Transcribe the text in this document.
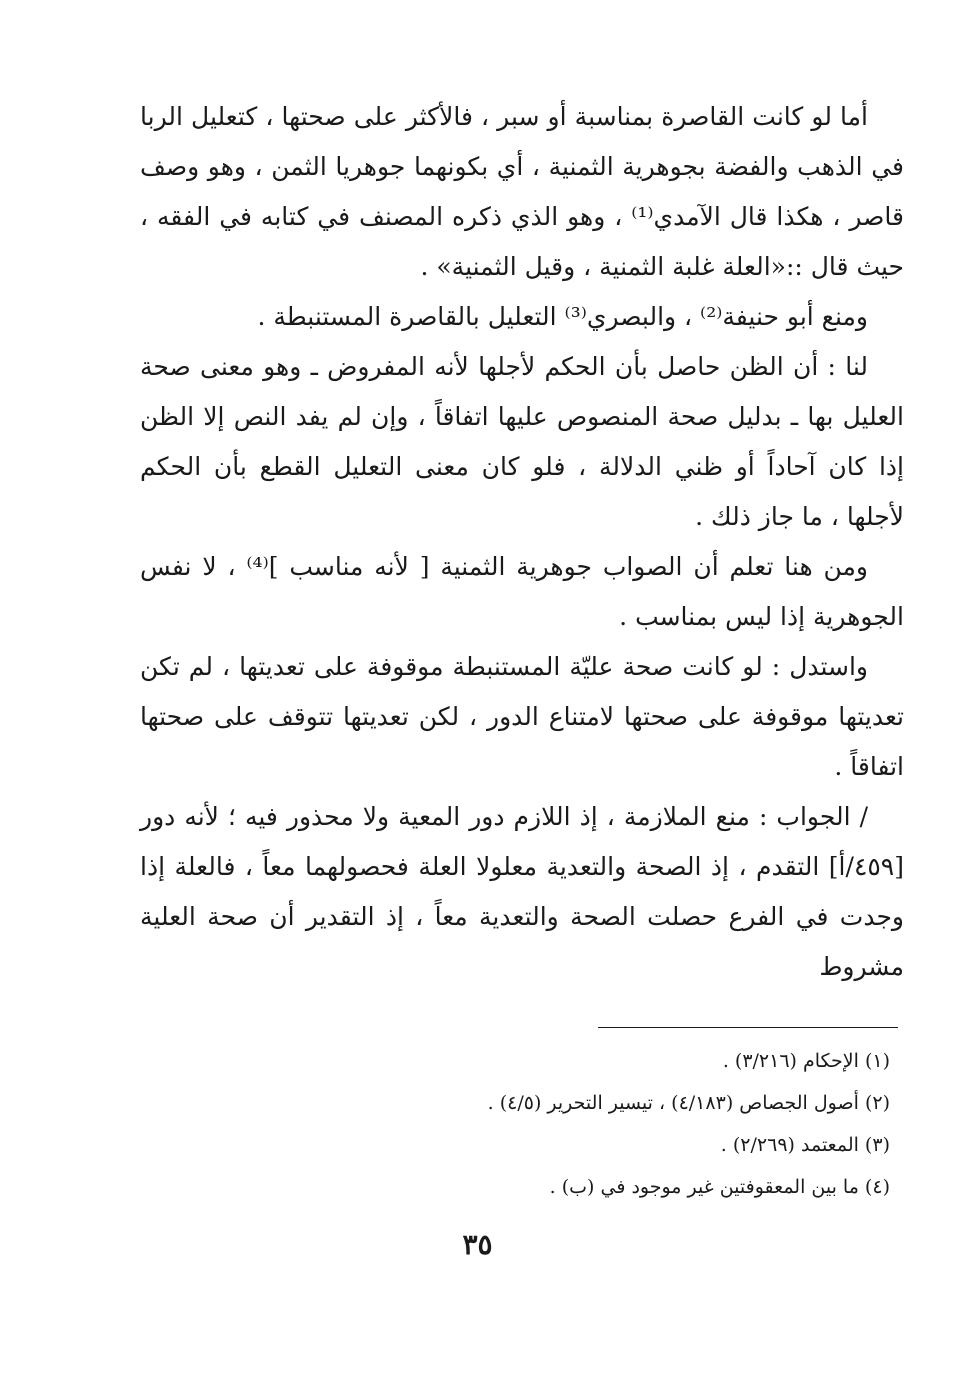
أما لو كانت القاصرة بمناسبة أو سبر ، فالأكثر على صحتها ، كتعليل الربا في الذهب والفضة بجوهرية الثمنية ، أي بكونهما جوهريا الثمن ، وهو وصف قاصر ، هكذا قال الآمدي⁽¹⁾ ، وهو الذي ذكره المصنف في كتابه في الفقه ، حيث قال ::«العلة غلبة الثمنية ، وقيل الثمنية» .

ومنع أبو حنيفة⁽²⁾ ، والبصري⁽³⁾ التعليل بالقاصرة المستنبطة .

لنا : أن الظن حاصل بأن الحكم لأجلها لأنه المفروض ـ وهو معنى صحة العليل بها ـ بدليل صحة المنصوص عليها اتفاقاً ، وإن لم يفد النص إلا الظن إذا كان آحاداً أو ظني الدلالة ، فلو كان معنى التعليل القطع بأن الحكم لأجلها ، ما جاز ذلك .

ومن هنا تعلم أن الصواب جوهرية الثمنية [ لأنه مناسب ]⁽⁴⁾ ، لا نفس الجوهرية إذا ليس بمناسب .

واستدل : لو كانت صحة عليّة المستنبطة موقوفة على تعديتها ، لم تكن تعديتها موقوفة على صحتها لامتناع الدور ، لكن تعديتها تتوقف على صحتها اتفاقاً .

/ الجواب : منع الملازمة ، إذ اللازم دور المعية ولا محذور فيه ؛ لأنه دور [٤٥٩/أ] التقدم ، إذ الصحة والتعدية معلولا العلة فحصولهما معاً ، فالعلة إذا وجدت في الفرع حصلت الصحة والتعدية معاً ، إذ التقدير أن صحة العلية مشروط

(١) الإحكام (٣/٢١٦) .

(٢) أصول الجصاص (٤/١٨٣) ، تيسير التحرير (٤/٥) .

(٣) المعتمد (٢/٢٦٩) .

(٤) ما بين المعقوفتين غير موجود في (ب) .

٣٥
